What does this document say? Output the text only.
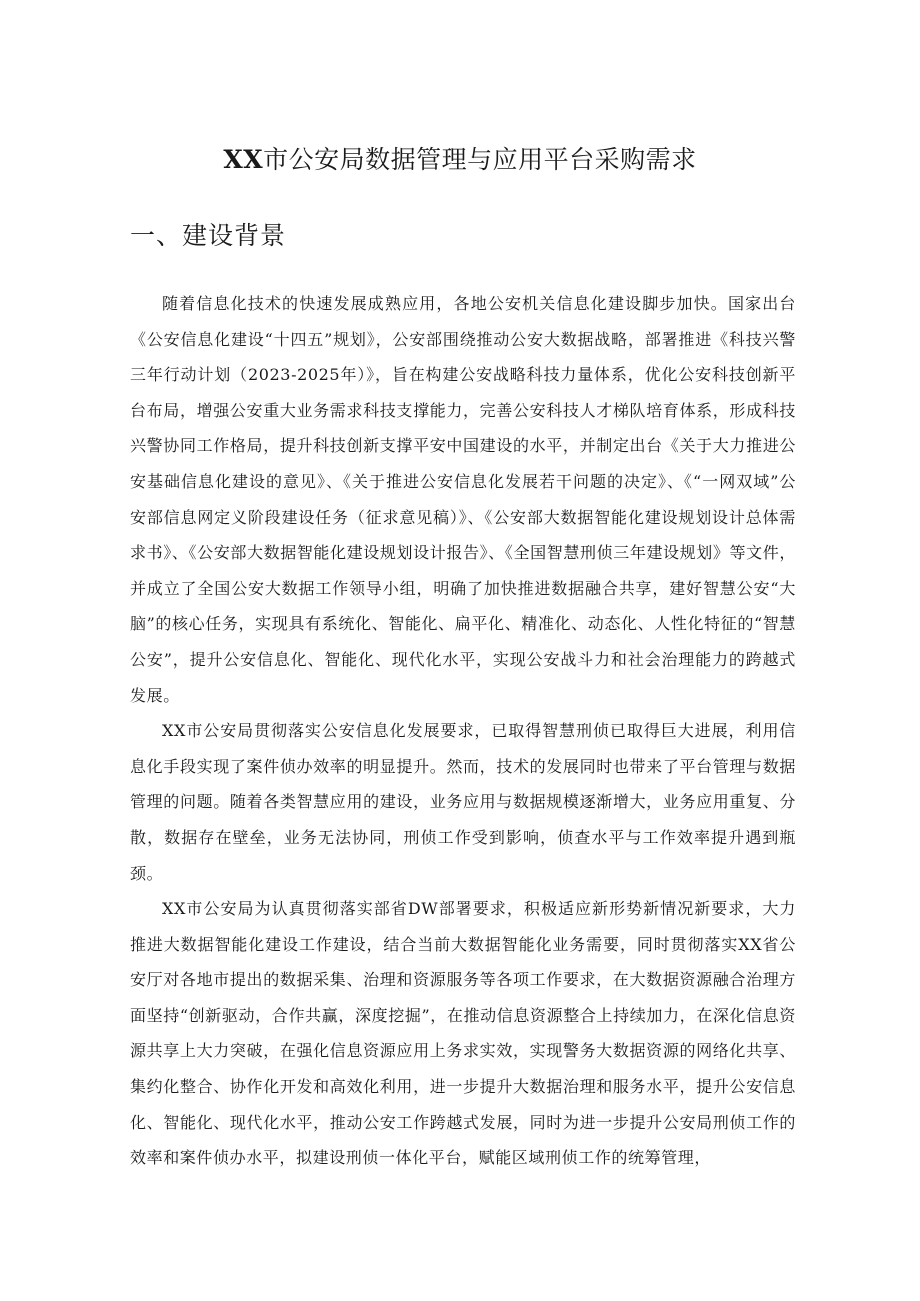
XX市公安局数据管理与应用平台采购需求
一、建设背景

随着信息化技术的快速发展成熟应用，各地公安机关信息化建设脚步加快。国家出台《公安信息化建设“十四五”规划》，公安部围绕推动公安大数据战略，部署推进《科技兴警三年行动计划（2023-2025年）》，旨在构建公安战略科技力量体系，优化公安科技创新平台布局，增强公安重大业务需求科技支撑能力，完善公安科技人才梯队培育体系，形成科技兴警协同工作格局，提升科技创新支撑平安中国建设的水平，并制定出台《关于大力推进公安基础信息化建设的意见》、《关于推进公安信息化发展若干问题的决定》、《“一网双域”公安部信息网定义阶段建设任务（征求意见稿）》、《公安部大数据智能化建设规划设计总体需求书》、《公安部大数据智能化建设规划设计报告》、《全国智慧刑侦三年建设规划》等文件，并成立了全国公安大数据工作领导小组，明确了加快推进数据融合共享，建好智慧公安“大脑”的核心任务，实现具有系统化、智能化、扁平化、精准化、动态化、人性化特征的“智慧公安”，提升公安信息化、智能化、现代化水平，实现公安战斗力和社会治理能力的跨越式发展。

XX市公安局贯彻落实公安信息化发展要求，已取得智慧刑侦已取得巨大进展，利用信息化手段实现了案件侦办效率的明显提升。然而，技术的发展同时也带来了平台管理与数据管理的问题。随着各类智慧应用的建设，业务应用与数据规模逐渐增大，业务应用重复、分散，数据存在壁垒，业务无法协同，刑侦工作受到影响，侦查水平与工作效率提升遇到瓶颈。

XX市公安局为认真贯彻落实部省DW部署要求，积极适应新形势新情况新要求，大力推进大数据智能化建设工作建设，结合当前大数据智能化业务需要，同时贯彻落实XX省公安厅对各地市提出的数据采集、治理和资源服务等各项工作要求，在大数据资源融合治理方面坚持“创新驱动，合作共赢，深度挖掘”，在推动信息资源整合上持续加力，在深化信息资源共享上大力突破，在强化信息资源应用上务求实效，实现警务大数据资源的网络化共享、集约化整合、协作化开发和高效化利用，进一步提升大数据治理和服务水平，提升公安信息化、智能化、现代化水平，推动公安工作跨越式发展，同时为进一步提升公安局刑侦工作的效率和案件侦办水平，拟建设刑侦一体化平台，赋能区域刑侦工作的统筹管理，
